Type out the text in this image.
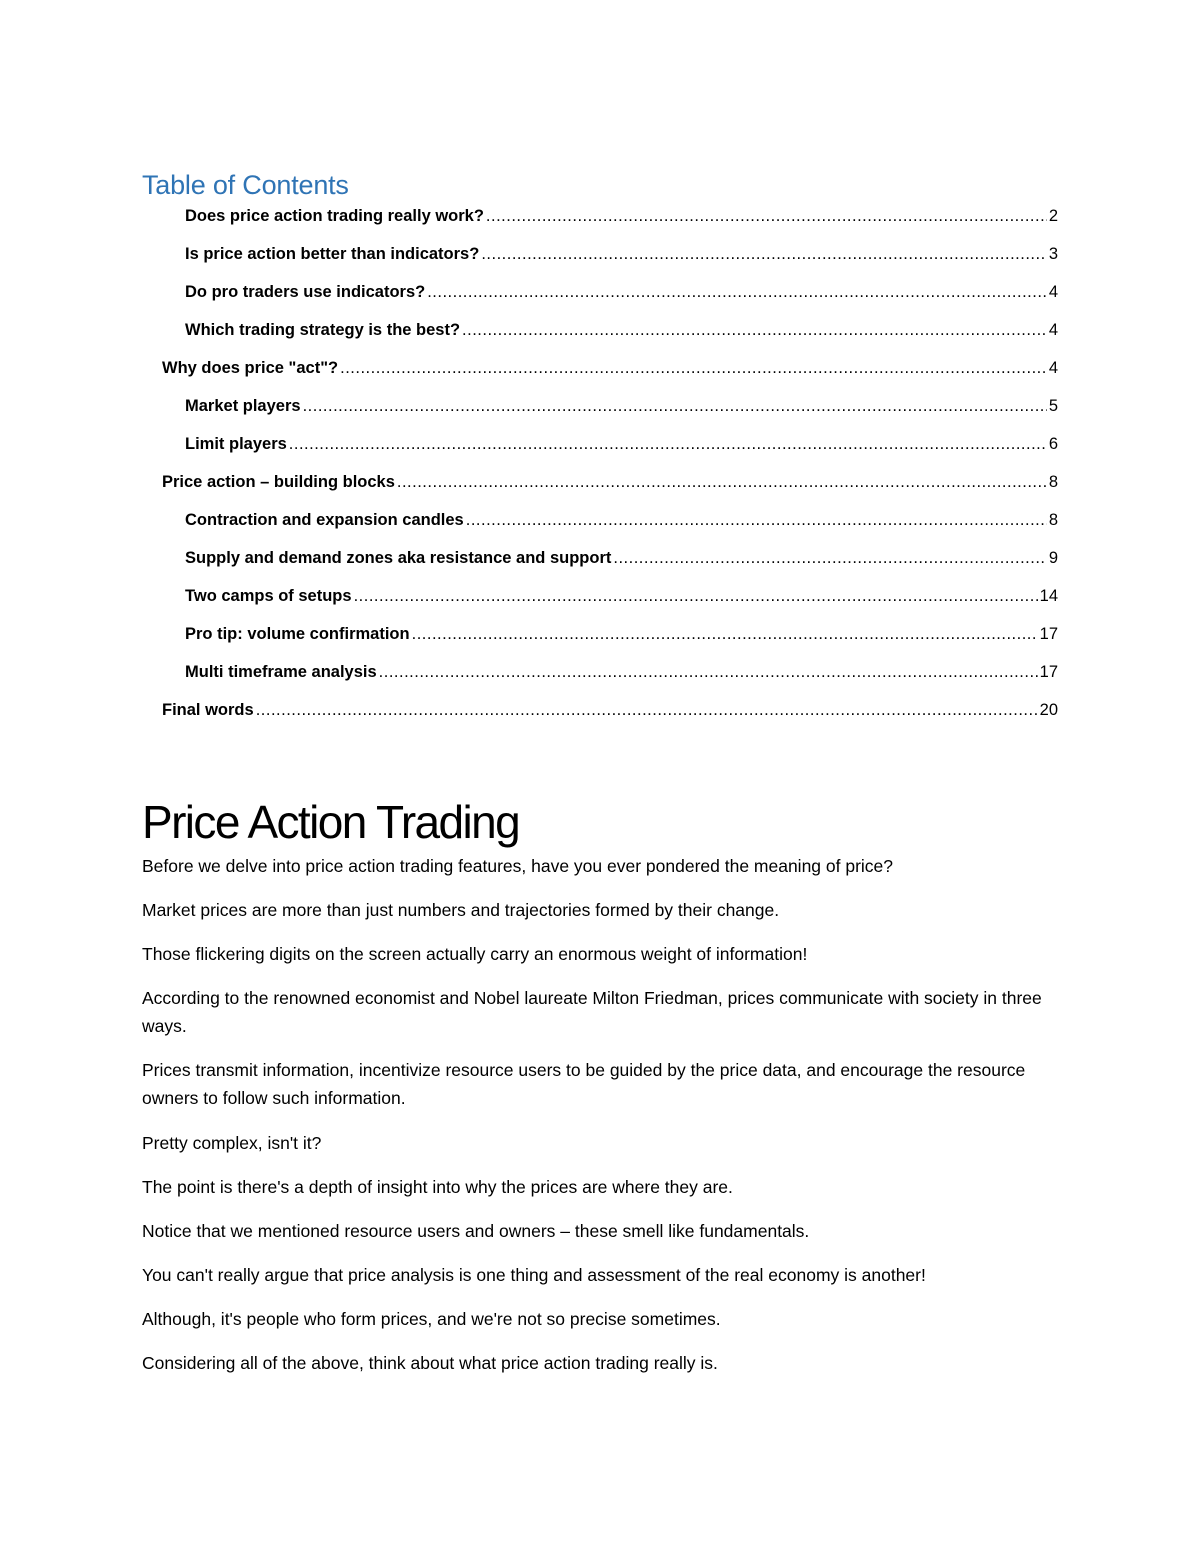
Table of Contents
Does price action trading really work? .....	2
Is price action better than indicators? .....	3
Do pro traders use indicators? .....	4
Which trading strategy is the best? .....	4
Why does price "act"? .....	4
Market players .....	5
Limit players .....	6
Price action – building blocks .....	8
Contraction and expansion candles .....	8
Supply and demand zones aka resistance and support .....	9
Two camps of setups .....	14
Pro tip: volume confirmation .....	17
Multi timeframe analysis .....	17
Final words .....	20
Price Action Trading

Before we delve into price action trading features, have you ever pondered the meaning of price?

Market prices are more than just numbers and trajectories formed by their change.

Those flickering digits on the screen actually carry an enormous weight of information!

According to the renowned economist and Nobel laureate Milton Friedman, prices communicate with society in three ways.

Prices transmit information, incentivize resource users to be guided by the price data, and encourage the resource owners to follow such information.

Pretty complex, isn't it?

The point is there's a depth of insight into why the prices are where they are.

Notice that we mentioned resource users and owners – these smell like fundamentals.

You can't really argue that price analysis is one thing and assessment of the real economy is another!

Although, it's people who form prices, and we're not so precise sometimes.

Considering all of the above, think about what price action trading really is.
